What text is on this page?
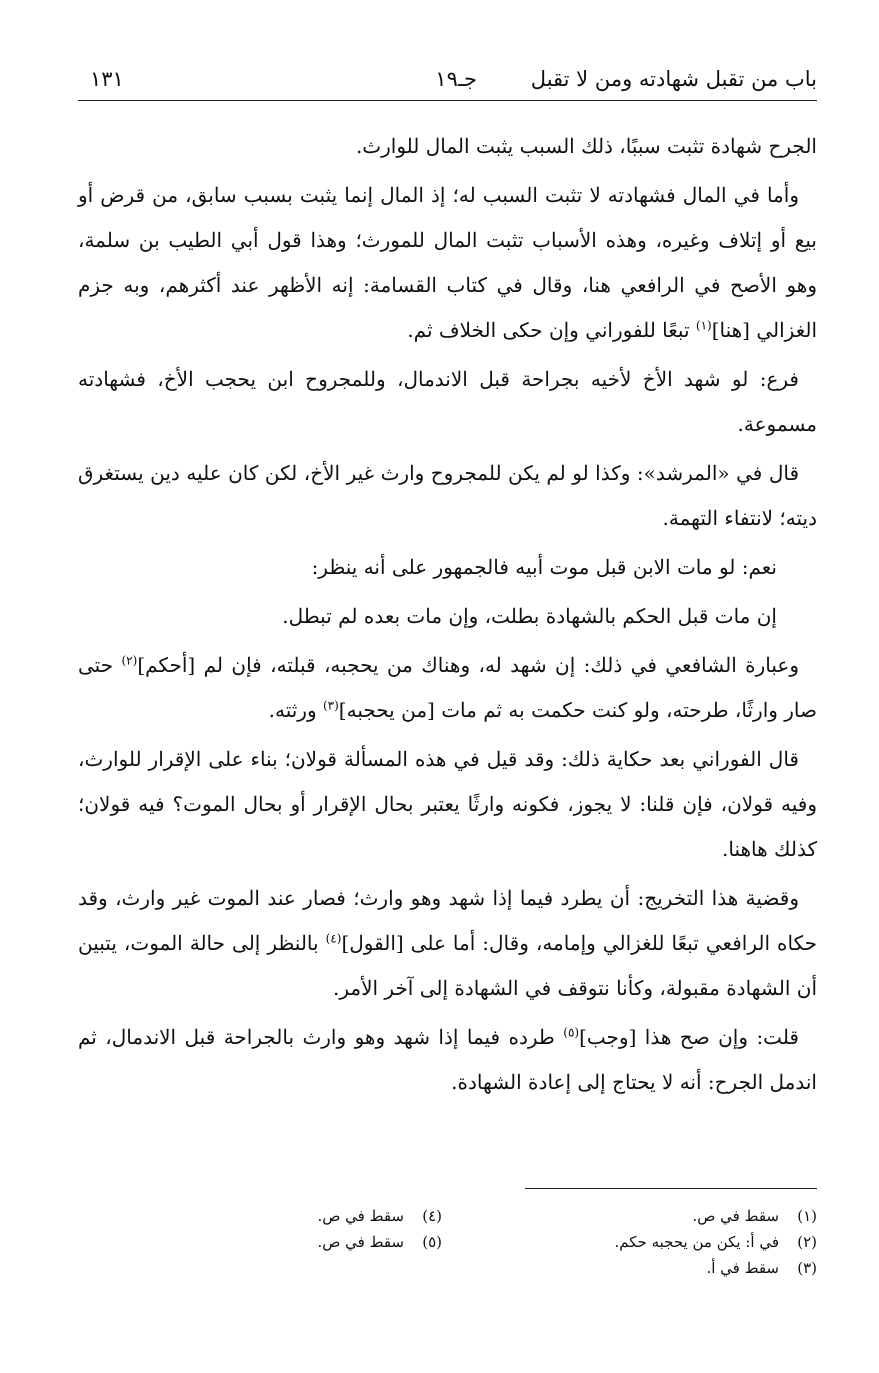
باب من تقبل شهادته ومن لا تقبل
جـ١٩
١٣١

الجرح شهادة تثبت سببًا، ذلك السبب يثبت المال للوارث.

وأما في المال فشهادته لا تثبت السبب له؛ إذ المال إنما يثبت بسبب سابق، من قرض أو بيع أو إتلاف وغيره، وهذه الأسباب تثبت المال للمورث؛ وهذا قول أبي الطيب بن سلمة، وهو الأصح في الرافعي هنا، وقال في كتاب القسامة: إنه الأظهر عند أكثرهم، وبه جزم الغزالي [هنا]$^{(١)}$ تبعًا للفوراني وإن حكى الخلاف ثم.

فرع: لو شهد الأخ لأخيه بجراحة قبل الاندمال، وللمجروح ابن يحجب الأخ، فشهادته مسموعة.

قال في «المرشد»: وكذا لو لم يكن للمجروح وارث غير الأخ، لكن كان عليه دين يستغرق ديته؛ لانتفاء التهمة.

نعم: لو مات الابن قبل موت أبيه فالجمهور على أنه ينظر:

إن مات قبل الحكم بالشهادة بطلت، وإن مات بعده لم تبطل.

وعبارة الشافعي في ذلك: إن شهد له، وهناك من يحجبه، قبلته، فإن لم [أحكم]$^{(٢)}$ حتى صار وارثًا، طرحته، ولو كنت حكمت به ثم مات [من يحجبه]$^{(٣)}$ ورثته.

قال الفوراني بعد حكاية ذلك: وقد قيل في هذه المسألة قولان؛ بناء على الإقرار للوارث، وفيه قولان، فإن قلنا: لا يجوز، فكونه وارثًا يعتبر بحال الإقرار أو بحال الموت؟ فيه قولان؛ كذلك هاهنا.

وقضية هذا التخريج: أن يطرد فيما إذا شهد وهو وارث؛ فصار عند الموت غير وارث، وقد حكاه الرافعي تبعًا للغزالي وإمامه، وقال: أما على [القول]$^{(٤)}$ بالنظر إلى حالة الموت، يتبين أن الشهادة مقبولة، وكأنا نتوقف في الشهادة إلى آخر الأمر.

قلت: وإن صح هذا [وجب]$^{(٥)}$ طرده فيما إذا شهد وهو وارث بالجراحة قبل الاندمال، ثم اندمل الجرح: أنه لا يحتاج إلى إعادة الشهادة.

(١)سقط في ص.
(٢)في أ: يكن من يحجبه حكم.
(٣)سقط في أ.
(٤)سقط في ص.
(٥)سقط في ص.
